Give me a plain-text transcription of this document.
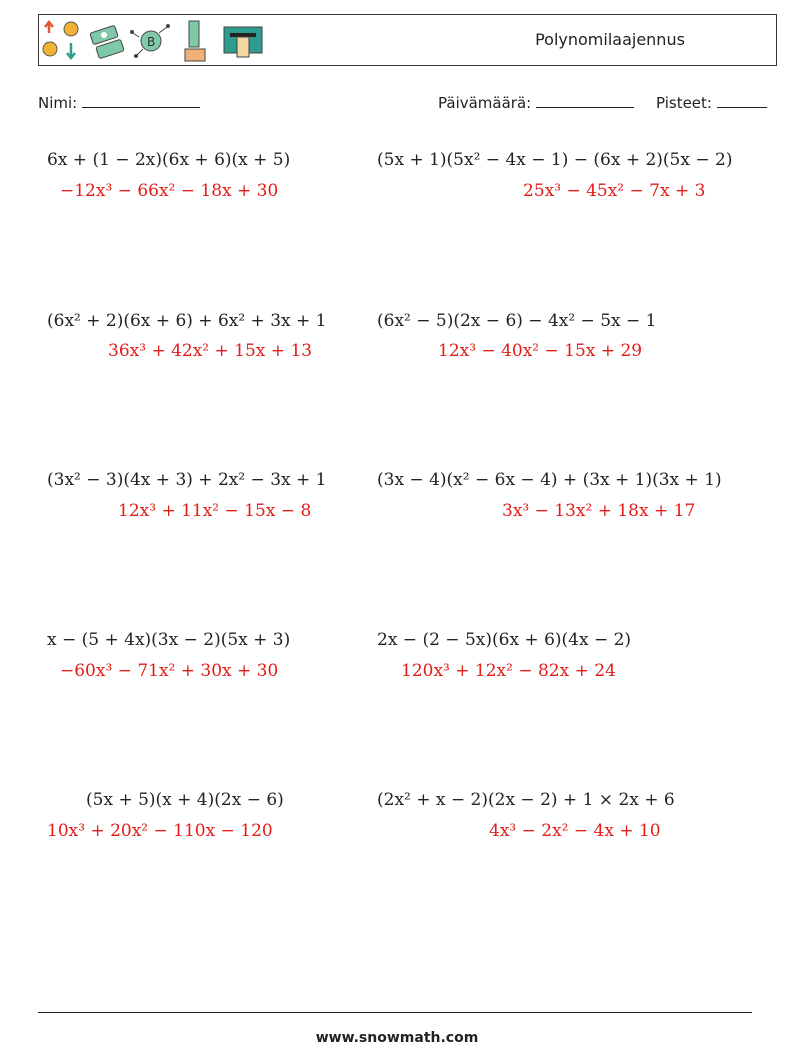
B	Polynomilaajennus
Nimi:	Päivämäärä:	Pisteet:
6x + (1 − 2x)(6x + 6)(x + 5)
−12x³ − 66x² − 18x + 30
(6x² + 2)(6x + 6) + 6x² + 3x + 1
36x³ + 42x² + 15x + 13
(3x² − 3)(4x + 3) + 2x² − 3x + 1
12x³ + 11x² − 15x − 8
x − (5 + 4x)(3x − 2)(5x + 3)
−60x³ − 71x² + 30x + 30
(5x + 5)(x + 4)(2x − 6)
10x³ + 20x² − 110x − 120
(5x + 1)(5x² − 4x − 1) − (6x + 2)(5x − 2)
25x³ − 45x² − 7x + 3
(6x² − 5)(2x − 6) − 4x² − 5x − 1
12x³ − 40x² − 15x + 29
(3x − 4)(x² − 6x − 4) + (3x + 1)(3x + 1)
3x³ − 13x² + 18x + 17
2x − (2 − 5x)(6x + 6)(4x − 2)
120x³ + 12x² − 82x + 24
(2x² + x − 2)(2x − 2) + 1 × 2x + 6
4x³ − 2x² − 4x + 10
www.snowmath.com
